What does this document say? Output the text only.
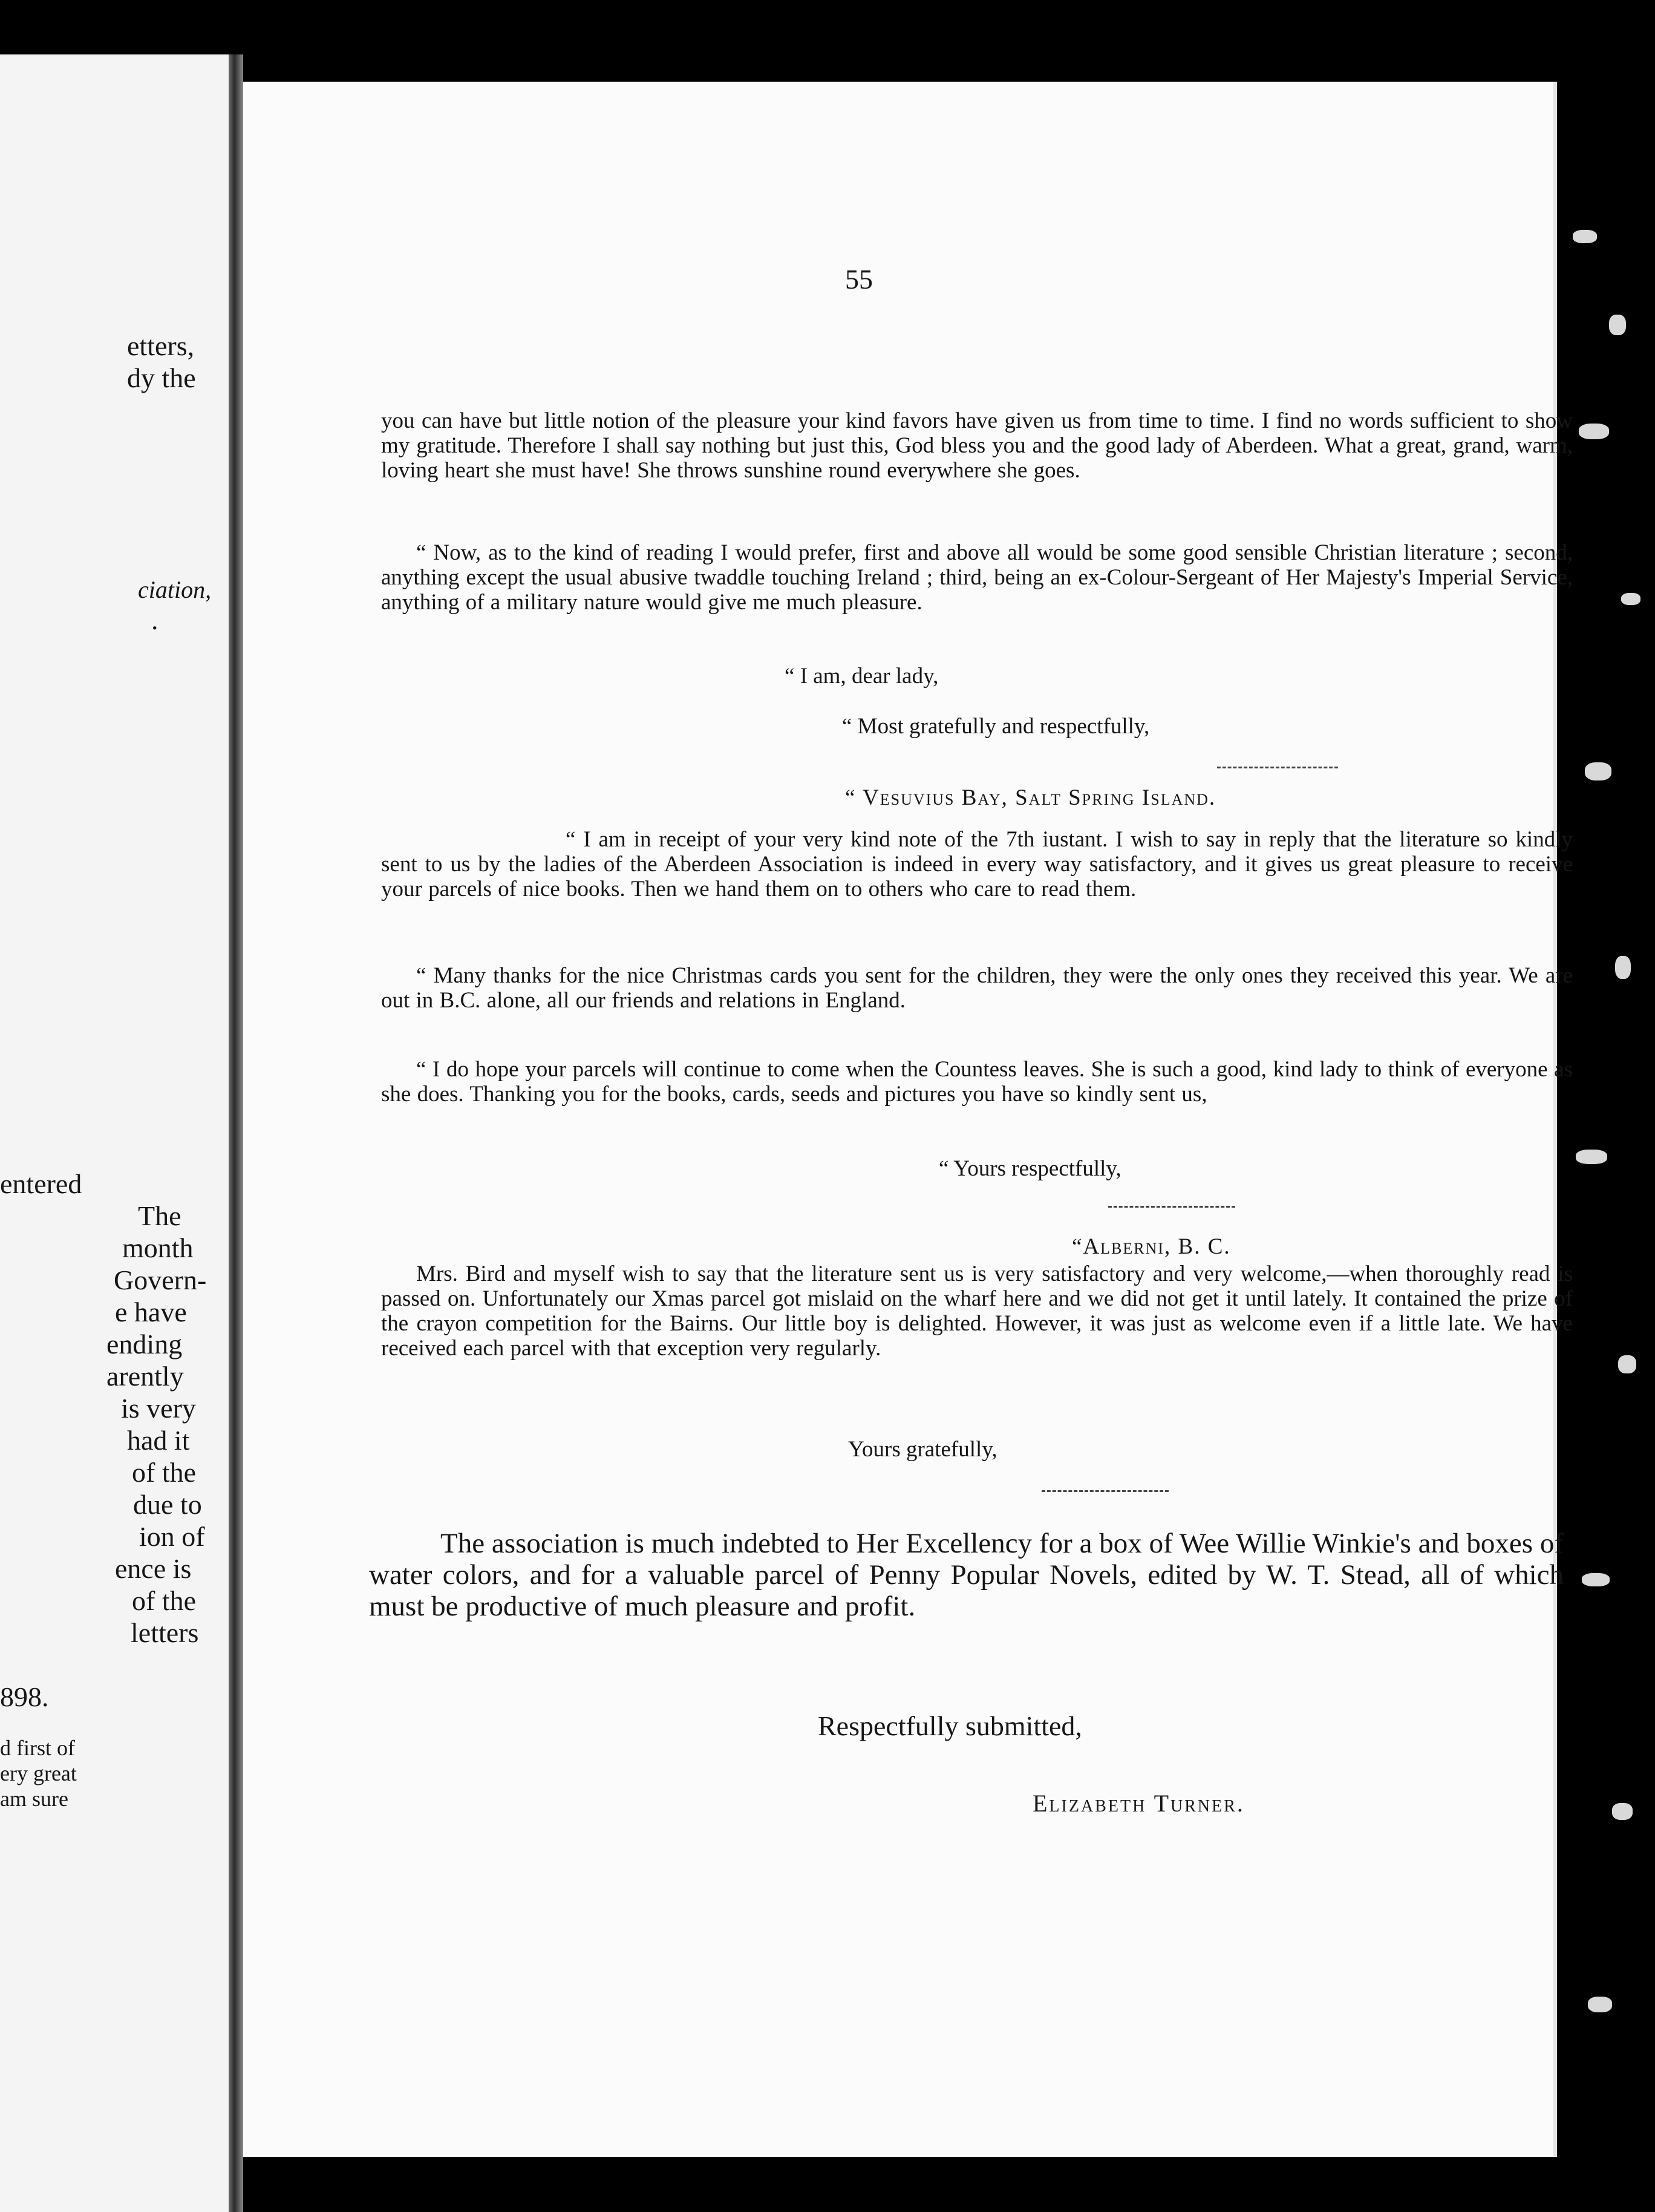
etters,
dy the
ciation,
.
entered
The
month
Govern-
e have
ending
arently
is very
had it
of the
due to
ion of
ence is
of the
letters
898.
d first of
ery great
am sure
55

you can have but little notion of the pleasure your kind favors have given us from time to time. I find no words sufficient to show my gratitude. Therefore I shall say nothing but just this, God bless you and the good lady of Aberdeen. What a great, grand, warm, loving heart she must have! She throws sunshine round everywhere she goes.

“ Now, as to the kind of reading I would prefer, first and above all would be some good sensible Christian literature ; second, anything except the usual abusive twaddle touching Ireland ; third, being an ex-Colour-Sergeant of Her Majesty's Imperial Service, anything of a military nature would give me much pleasure.

“ I am, dear lady,
“ Most gratefully and respectfully,
“ Vesuvius Bay, Salt Spring Island.

“ I am in receipt of your very kind note of the 7th iustant. I wish to say in reply that the literature so kindly sent to us by the ladies of the Aberdeen Association is indeed in every way satisfactory, and it gives us great pleasure to receive your parcels of nice books. Then we hand them on to others who care to read them.

“ Many thanks for the nice Christmas cards you sent for the children, they were the only ones they received this year. We are out in B.C. alone, all our friends and relations in England.

“ I do hope your parcels will continue to come when the Countess leaves. She is such a good, kind lady to think of everyone as she does. Thanking you for the books, cards, seeds and pictures you have so kindly sent us,

“ Yours respectfully,
“Alberni, B. C.

Mrs. Bird and myself wish to say that the literature sent us is very satisfactory and very welcome,—when thoroughly read is passed on. Unfortunately our Xmas parcel got mislaid on the wharf here and we did not get it until lately. It contained the prize of the crayon competition for the Bairns. Our little boy is delighted. However, it was just as welcome even if a little late. We have received each parcel with that exception very regularly.

Yours gratefully,

The association is much indebted to Her Excellency for a box of Wee Willie Winkie's and boxes of water colors, and for a valuable parcel of Penny Popular Novels, edited by W. T. Stead, all of which must be productive of much pleasure and profit.

Respectfully submitted,
Elizabeth Turner.
